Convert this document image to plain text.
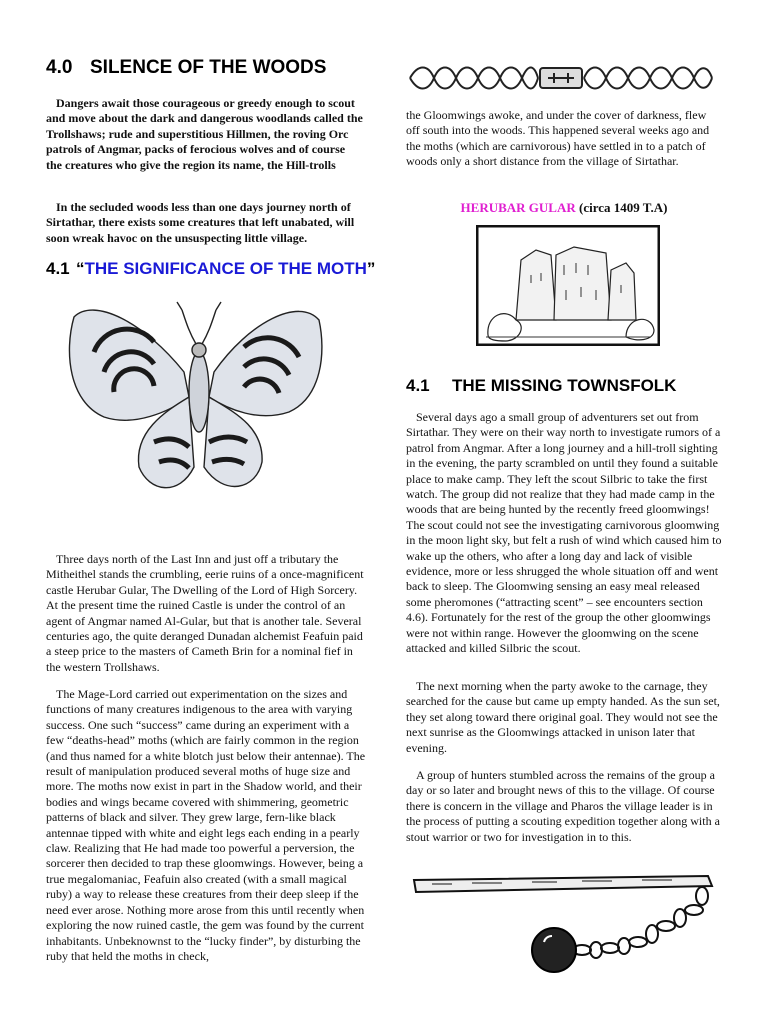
4.0 SILENCE OF THE WOODS
Dangers await those courageous or greedy enough to scout and move about the dark and dangerous woodlands called the Trollshaws; rude and superstitious Hillmen, the roving Orc patrols of Angmar, packs of ferocious wolves and of course the creatures who give the region its name, the Hill-trolls
In the secluded woods less than one days journey north of Sirtathar, there exists some creatures that left unabated, will soon wreak havoc on the unsuspecting little village.
4.1 “THE SIGNIFICANCE OF THE MOTH”
Three days north of the Last Inn and just off a tributary the Mitheithel stands the crumbling, eerie ruins of a once-magnificent castle Herubar Gular, The Dwelling of the Lord of High Sorcery. At the present time the ruined Castle is under the control of an agent of Angmar named Al-Gular, but that is another tale. Several centuries ago, the quite deranged Dunadan alchemist Feafuin paid a steep price to the masters of Cameth Brin for a nominal fief in the western Trollshaws.
The Mage-Lord carried out experimentation on the sizes and functions of many creatures indigenous to the area with varying success. One such “success” came during an experiment with a few “deaths-head” moths (which are fairly common in the region (and thus named for a white blotch just below their antennae). The result of manipulation produced several moths of huge size and more. The moths now exist in part in the Shadow world, and their bodies and wings became covered with shimmering, geometric patterns of black and silver. They grew large, fern-like black antennae tipped with white and eight legs each ending in a pearly claw. Realizing that He had made too powerful a perversion, the sorcerer then decided to trap these gloomwings. However, being a true megalomaniac, Feafuin also created (with a small magical ruby) a way to release these creatures from their deep sleep if the need ever arose. Nothing more arose from this until recently when exploring the now ruined castle, the gem was found by the current inhabitants. Unbeknownst to the “lucky finder”, by disturbing the ruby that held the moths in check,
the Gloomwings awoke, and under the cover of darkness, flew off south into the woods. This happened several weeks ago and the moths (which are carnivorous) have settled in to a patch of woods only a short distance from the village of Sirtathar.
HERUBAR GULAR (circa 1409 T.A)
4.1 THE MISSING TOWNSFOLK
Several days ago a small group of adventurers set out from Sirtathar. They were on their way north to investigate rumors of a patrol from Angmar. After a long journey and a hill-troll sighting in the evening, the party scrambled on until they found a suitable place to make camp. They left the scout Silbric to take the first watch. The group did not realize that they had made camp in the woods that are being hunted by the recently freed gloomwings! The scout could not see the investigating carnivorous gloomwing in the moon light sky, but felt a rush of wind which caused him to wake up the others, who after a long day and lack of visible evidence, more or less shrugged the whole situation off and went back to sleep. The Gloomwing sensing an easy meal released some pheromones (“attracting scent” – see encounters section 4.6). Fortunately for the rest of the group the other gloomwings were not within range. However the gloomwing on the scene attacked and killed Silbric the scout.
The next morning when the party awoke to the carnage, they searched for the cause but came up empty handed. As the sun set, they set along toward there original goal. They would not see the next sunrise as the Gloomwings attacked in unison later that evening.
A group of hunters stumbled across the remains of the group a day or so later and brought news of this to the village. Of course there is concern in the village and Pharos the village leader is in the process of putting a scouting expedition together along with a stout warrior or two for investigation in to this.
